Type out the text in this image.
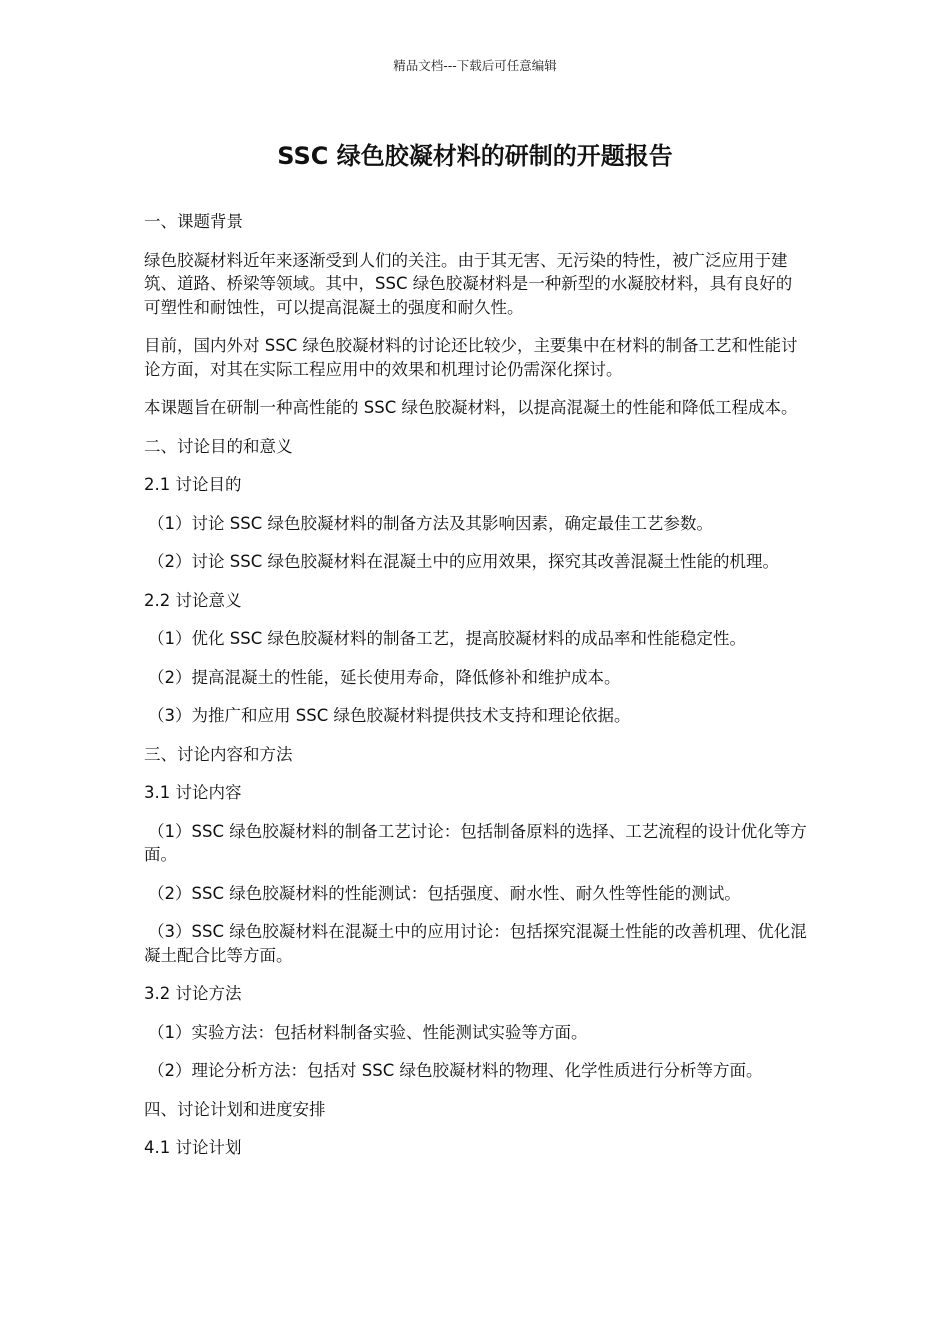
精品文档---下载后可任意编辑
SSC 绿色胶凝材料的研制的开题报告

一、课题背景

绿色胶凝材料近年来逐渐受到人们的关注。由于其无害、无污染的特性，被广泛应用于建筑、道路、桥梁等领域。其中，SSC 绿色胶凝材料是一种新型的水凝胶材料，具有良好的可塑性和耐蚀性，可以提高混凝土的强度和耐久性。

目前，国内外对 SSC 绿色胶凝材料的讨论还比较少，主要集中在材料的制备工艺和性能讨论方面，对其在实际工程应用中的效果和机理讨论仍需深化探讨。

本课题旨在研制一种高性能的 SSC 绿色胶凝材料，以提高混凝土的性能和降低工程成本。

二、讨论目的和意义

2.1 讨论目的

（1）讨论 SSC 绿色胶凝材料的制备方法及其影响因素，确定最佳工艺参数。

（2）讨论 SSC 绿色胶凝材料在混凝土中的应用效果，探究其改善混凝土性能的机理。

2.2 讨论意义

（1）优化 SSC 绿色胶凝材料的制备工艺，提高胶凝材料的成品率和性能稳定性。

（2）提高混凝土的性能，延长使用寿命，降低修补和维护成本。

（3）为推广和应用 SSC 绿色胶凝材料提供技术支持和理论依据。

三、讨论内容和方法

3.1 讨论内容

（1）SSC 绿色胶凝材料的制备工艺讨论：包括制备原料的选择、工艺流程的设计优化等方面。

（2）SSC 绿色胶凝材料的性能测试：包括强度、耐水性、耐久性等性能的测试。

（3）SSC 绿色胶凝材料在混凝土中的应用讨论：包括探究混凝土性能的改善机理、优化混凝土配合比等方面。

3.2 讨论方法

（1）实验方法：包括材料制备实验、性能测试实验等方面。

（2）理论分析方法：包括对 SSC 绿色胶凝材料的物理、化学性质进行分析等方面。

四、讨论计划和进度安排

4.1 讨论计划
